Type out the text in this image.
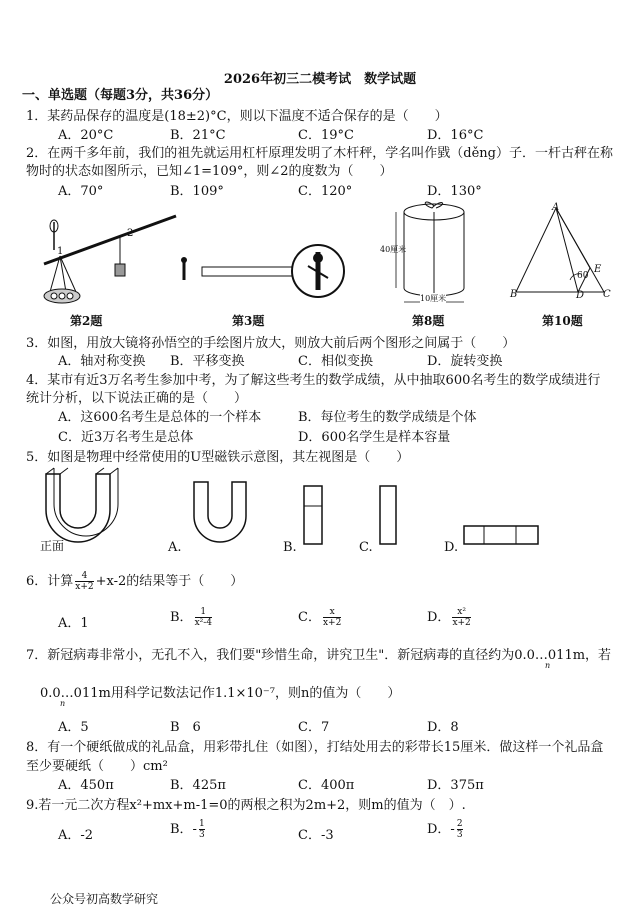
2026年初三二模考试　数学试题
一、单选题（每题3分，共36分）
1．某药品保存的温度是(18±2)°C，则以下温度不适合保存的是（　　）
A．20°C	B．21°C	C．19°C	D．16°C
2．在两千多年前，我们的祖先就运用杠杆原理发明了木杆秤，学名叫作戥（děng）子．一杆古秤在称
物时的状态如图所示，已知∠1=109°，则∠2的度数为（　　）
A．70°	B．109°	C．120°	D．130°
1
2
40厘米
10厘米
A
B	C
D
E
60
第2题	第3题	第8题	第10题
3．如图，用放大镜将孙悟空的手绘图片放大，则放大前后两个图形之间属于（　　）
A．轴对称变换 B．平移变换	C．相似变换	D．旋转变换
4．某市有近3万名考生参加中考，为了解这些考生的数学成绩，从中抽取600名考生的数学成绩进行
统计分析，以下说法正确的是（　　）
A．这600名考生是总体的一个样本	B．每位考生的数学成绩是个体
C．近3万名考生是总体	D．600名学生是样本容量
5．如图是物理中经常使用的U型磁铁示意图，其左视图是（　　）
正面	A.	B.	C.	D.
6．计算 $\frac{4}{x+2} +x-2$的结果等于（　　）
A．1	B． $\frac{1}{\text{x²-4}}$	C． $\frac{x}{x+2}$	D． $\frac{\text{x²}}{x+2}$
7．新冠病毒非常小，无孔不入，我们要"珍惜生命，讲究卫生"．新冠病毒的直径约为0.0…011m，若
n
0.0…011m用科学记数法记作1.1×10⁻⁷，则n的值为（　　）
n
A．5	B　6	C．7	D．8
8．有一个硬纸做成的礼品盒，用彩带扎住（如图），打结处用去的彩带长15厘米．做这样一个礼品盒
至少要硬纸（　　）cm²
A．450π	B．425π	C．400π	D．375π
9.若一元二次方程x²+mx+m-1=0的两根之积为2m+2，则m的值为（　）.
A．-2	B．- $\frac{1}{3}$	C．-3	D．- $\frac{2}{3}$
公众号初高数学研究
